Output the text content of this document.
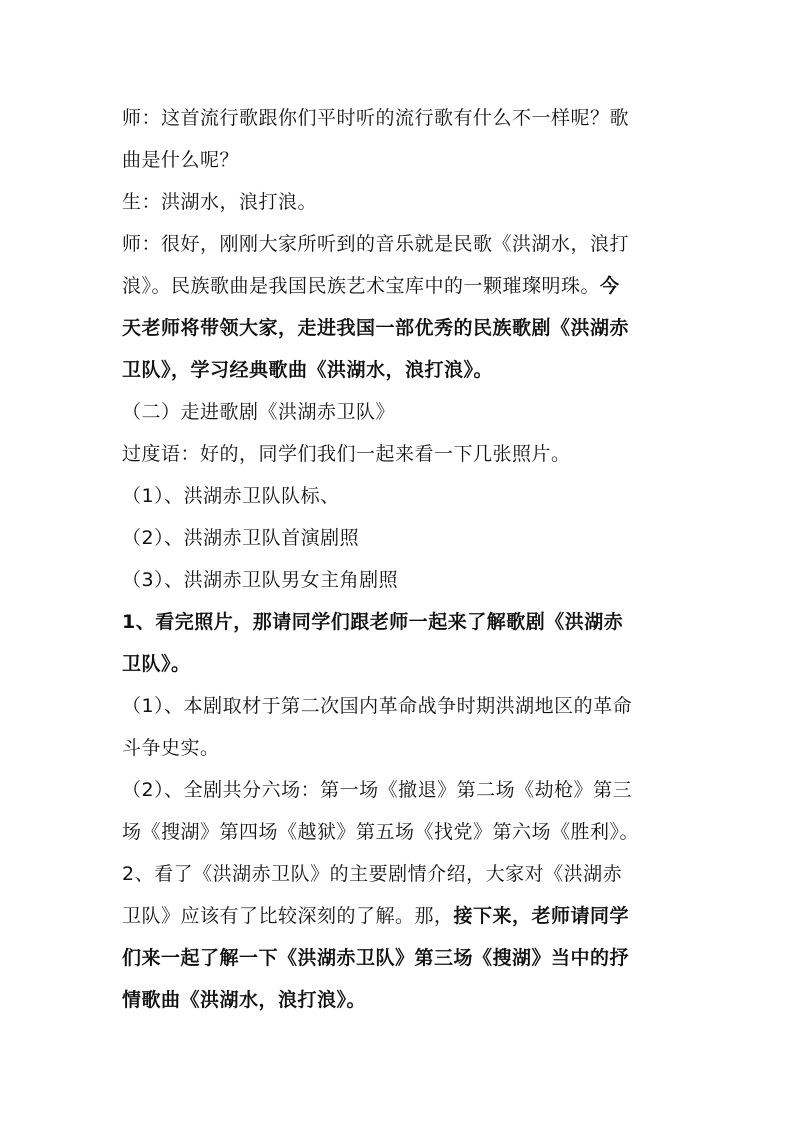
师：这首流行歌跟你们平时听的流行歌有什么不一样呢？歌
曲是什么呢？
生：洪湖水，浪打浪。
师：很好，刚刚大家所听到的音乐就是民歌《洪湖水，浪打
浪》。民族歌曲是我国民族艺术宝库中的一颗璀璨明珠。今
天老师将带领大家，走进我国一部优秀的民族歌剧《洪湖赤
卫队》，学习经典歌曲《洪湖水，浪打浪》。
（二）走进歌剧《洪湖赤卫队》
过度语：好的，同学们我们一起来看一下几张照片。
（1）、洪湖赤卫队队标、
（2）、洪湖赤卫队首演剧照
（3）、洪湖赤卫队男女主角剧照
1、看完照片，那请同学们跟老师一起来了解歌剧《洪湖赤
卫队》。
（1）、本剧取材于第二次国内革命战争时期洪湖地区的革命
斗争史实。
（2）、全剧共分六场：第一场《撤退》第二场《劫枪》第三
场《搜湖》第四场《越狱》第五场《找党》第六场《胜利》。
2、看了《洪湖赤卫队》的主要剧情介绍，大家对《洪湖赤
卫队》应该有了比较深刻的了解。那，接下来，老师请同学
们来一起了解一下《洪湖赤卫队》第三场《搜湖》当中的抒
情歌曲《洪湖水，浪打浪》。
